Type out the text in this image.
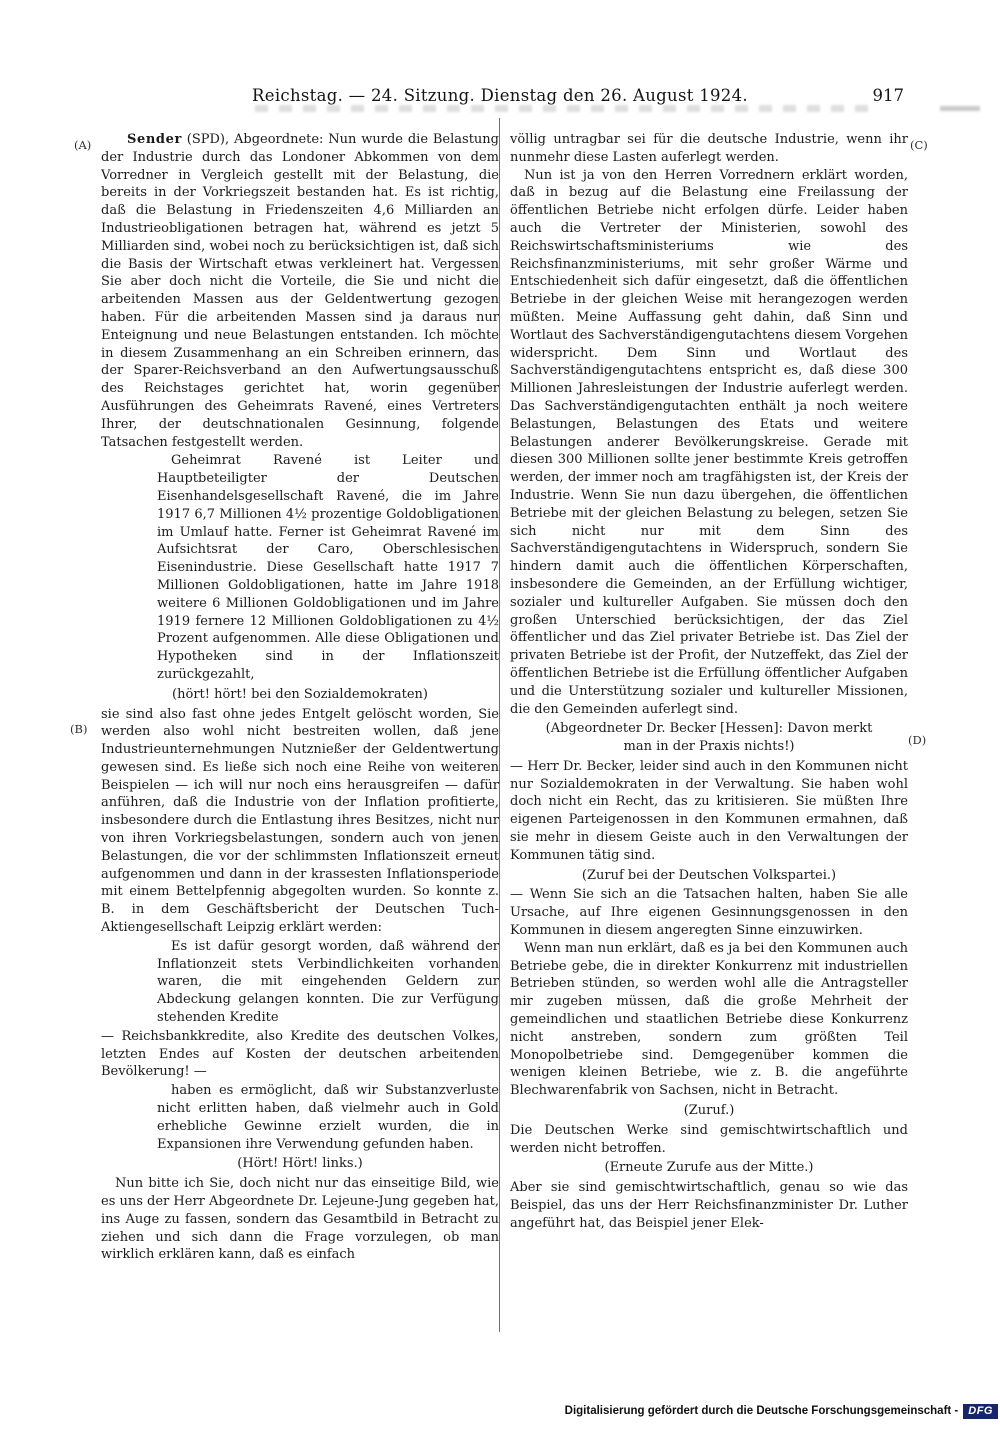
Reichstag. — 24. Sitzung. Dienstag den 26. August 1924.	917
(A)
(B)
(C)
(D)

Sender (SPD), Abgeordnete: Nun wurde die Belastung der Industrie durch das Londoner Abkommen von dem Vorredner in Vergleich gestellt mit der Belastung, die bereits in der Vorkriegszeit bestanden hat. Es ist richtig, daß die Belastung in Friedenszeiten 4,6 Milliarden an Industrieobligationen betragen hat, während es jetzt 5 Milliarden sind, wobei noch zu berücksichtigen ist, daß sich die Basis der Wirtschaft etwas verkleinert hat. Vergessen Sie aber doch nicht die Vorteile, die Sie und nicht die arbeitenden Massen aus der Geldentwertung gezogen haben. Für die arbeitenden Massen sind ja daraus nur Enteignung und neue Belastungen entstanden. Ich möchte in diesem Zusammenhang an ein Schreiben erinnern, das der Sparer-Reichsverband an den Aufwertungsausschuß des Reichstages gerichtet hat, worin gegenüber Ausführungen des Geheimrats Ravené, eines Vertreters Ihrer, der deutschnationalen Gesinnung, folgende Tatsachen festgestellt werden.

Geheimrat Ravené ist Leiter und Hauptbeteiligter der Deutschen Eisenhandelsgesellschaft Ravené, die im Jahre 1917 6,7 Millionen 4½ prozentige Goldobligationen im Umlauf hatte. Ferner ist Geheimrat Ravené im Aufsichtsrat der Caro, Oberschlesischen Eisenindustrie. Diese Gesellschaft hatte 1917 7 Millionen Goldobligationen, hatte im Jahre 1918 weitere 6 Millionen Goldobligationen und im Jahre 1919 fernere 12 Millionen Goldobligationen zu 4½ Prozent aufgenommen. Alle diese Obligationen und Hypotheken sind in der Inflationszeit zurückgezahlt,

(hört! hört! bei den Sozialdemokraten)

sie sind also fast ohne jedes Entgelt gelöscht worden, Sie werden also wohl nicht bestreiten wollen, daß jene Industrieunternehmungen Nutznießer der Geldentwertung gewesen sind. Es ließe sich noch eine Reihe von weiteren Beispielen — ich will nur noch eins herausgreifen — dafür anführen, daß die Industrie von der Inflation profitierte, insbesondere durch die Entlastung ihres Besitzes, nicht nur von ihren Vorkriegsbelastungen, sondern auch von jenen Belastungen, die vor der schlimmsten Inflationszeit erneut aufgenommen und dann in der krassesten Inflationsperiode mit einem Bettelpfennig abgegolten wurden. So konnte z. B. in dem Geschäftsbericht der Deutschen Tuch-Aktiengesellschaft Leipzig erklärt werden:

Es ist dafür gesorgt worden, daß während der Inflationzeit stets Verbindlichkeiten vorhanden waren, die mit eingehenden Geldern zur Abdeckung gelangen konnten. Die zur Verfügung stehenden Kredite

— Reichsbankkredite, also Kredite des deutschen Volkes, letzten Endes auf Kosten der deutschen arbeitenden Bevölkerung! —

haben es ermöglicht, daß wir Substanzverluste nicht erlitten haben, daß vielmehr auch in Gold erhebliche Gewinne erzielt wurden, die in Expansionen ihre Verwendung gefunden haben.

(Hört! Hört! links.)

Nun bitte ich Sie, doch nicht nur das einseitige Bild, wie es uns der Herr Abgeordnete Dr. Lejeune-Jung gegeben hat, ins Auge zu fassen, sondern das Gesamtbild in Betracht zu ziehen und sich dann die Frage vorzulegen, ob man wirklich erklären kann, daß es einfach

völlig untragbar sei für die deutsche Industrie, wenn ihr nunmehr diese Lasten auferlegt werden.

Nun ist ja von den Herren Vorrednern erklärt worden, daß in bezug auf die Belastung eine Freilassung der öffentlichen Betriebe nicht erfolgen dürfe. Leider haben auch die Vertreter der Ministerien, sowohl des Reichswirtschaftsministeriums wie des Reichsfinanzministeriums, mit sehr großer Wärme und Entschiedenheit sich dafür eingesetzt, daß die öffentlichen Betriebe in der gleichen Weise mit herangezogen werden müßten. Meine Auffassung geht dahin, daß Sinn und Wortlaut des Sachverständigengutachtens diesem Vorgehen widerspricht. Dem Sinn und Wortlaut des Sachverständigengutachtens entspricht es, daß diese 300 Millionen Jahresleistungen der Industrie auferlegt werden. Das Sachverständigengutachten enthält ja noch weitere Belastungen, Belastungen des Etats und weitere Belastungen anderer Bevölkerungskreise. Gerade mit diesen 300 Millionen sollte jener bestimmte Kreis getroffen werden, der immer noch am tragfähigsten ist, der Kreis der Industrie. Wenn Sie nun dazu übergehen, die öffentlichen Betriebe mit der gleichen Belastung zu belegen, setzen Sie sich nicht nur mit dem Sinn des Sachverständigengutachtens in Widerspruch, sondern Sie hindern damit auch die öffentlichen Körperschaften, insbesondere die Gemeinden, an der Erfüllung wichtiger, sozialer und kultureller Aufgaben. Sie müssen doch den großen Unterschied berücksichtigen, der das Ziel öffentlicher und das Ziel privater Betriebe ist. Das Ziel der privaten Betriebe ist der Profit, der Nutzeffekt, das Ziel der öffentlichen Betriebe ist die Erfüllung öffentlicher Aufgaben und die Unterstützung sozialer und kultureller Missionen, die den Gemeinden auferlegt sind.

(Abgeordneter Dr. Becker [Hessen]: Davon merkt man in der Praxis nichts!)

— Herr Dr. Becker, leider sind auch in den Kommunen nicht nur Sozialdemokraten in der Verwaltung. Sie haben wohl doch nicht ein Recht, das zu kritisieren. Sie müßten Ihre eigenen Parteigenossen in den Kommunen ermahnen, daß sie mehr in diesem Geiste auch in den Verwaltungen der Kommunen tätig sind.

(Zuruf bei der Deutschen Volkspartei.)

— Wenn Sie sich an die Tatsachen halten, haben Sie alle Ursache, auf Ihre eigenen Gesinnungsgenossen in den Kommunen in diesem angeregten Sinne einzuwirken.

Wenn man nun erklärt, daß es ja bei den Kommunen auch Betriebe gebe, die in direkter Konkurrenz mit industriellen Betrieben stünden, so werden wohl alle die Antragsteller mir zugeben müssen, daß die große Mehrheit der gemeindlichen und staatlichen Betriebe diese Konkurrenz nicht anstreben, sondern zum größten Teil Monopolbetriebe sind. Demgegenüber kommen die wenigen kleinen Betriebe, wie z. B. die angeführte Blechwarenfabrik von Sachsen, nicht in Betracht.

(Zuruf.)

Die Deutschen Werke sind gemischtwirtschaftlich und werden nicht betroffen.

(Erneute Zurufe aus der Mitte.)

Aber sie sind gemischtwirtschaftlich, genau so wie das Beispiel, das uns der Herr Reichsfinanzminister Dr. Luther angeführt hat, das Beispiel jener Elek-

Digitalisierung gefördert durch die Deutsche Forschungsgemeinschaft - DFG
